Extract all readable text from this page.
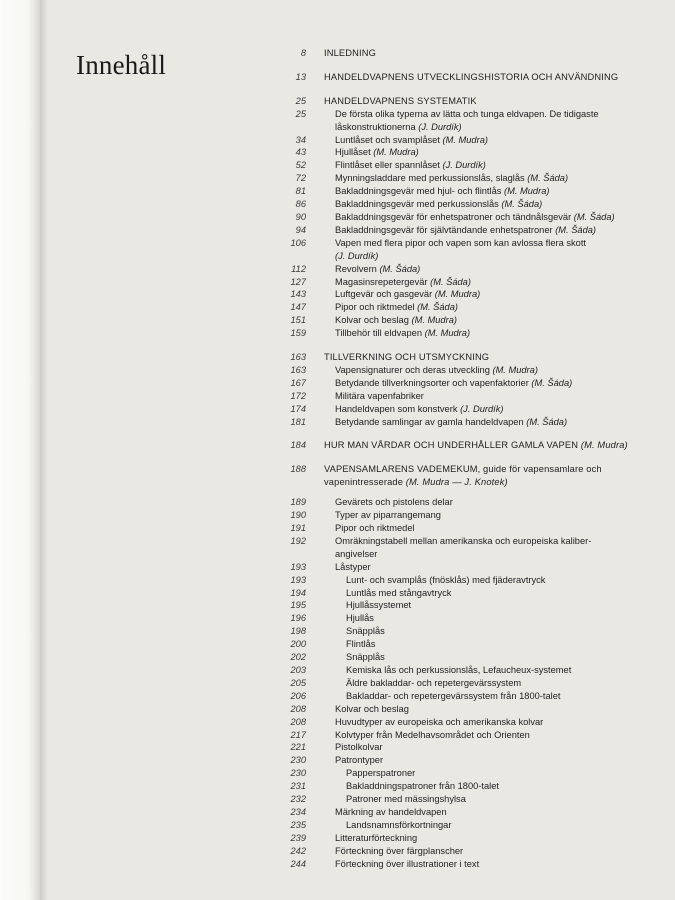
Innehåll	8	INLEDNING
13	HANDELDVAPNENS UTVECKLINGSHISTORIA OCH ANVÄNDNING
25	HANDELDVAPNENS SYSTEMATIK
25	De första olika typerna av lätta och tunga eldvapen. De tidigaste
låskonstruktionerna (J. Durdík)
34	Luntlåset och svamplåset (M. Mudra)
43	Hjullåset (M. Mudra)
52	Flintlåset eller spannlåset (J. Durdík)
72	Mynningsladdare med perkussionslås, slaglås (M. Šáda)
81	Bakladdningsgevär med hjul- och flintlås (M. Mudra)
86	Bakladdningsgevär med perkussionslås (M. Šáda)
90	Bakladdningsgevär för enhetspatroner och tändnålsgevär (M. Šáda)
94	Bakladdningsgevär för självtändande enhetspatroner (M. Šáda)
106	Vapen med flera pipor och vapen som kan avlossa flera skott
(J. Durdík)
112	Revolvern (M. Šáda)
127	Magasinsrepetergevär (M. Šáda)
143	Luftgevär och gasgevär (M. Mudra)
147	Pipor och riktmedel (M. Šáda)
151	Kolvar och beslag (M. Mudra)
159	Tillbehör till eldvapen (M. Mudra)
163	TILLVERKNING OCH UTSMYCKNING
163	Vapensignaturer och deras utveckling (M. Mudra)
167	Betydande tillverkningsorter och vapenfaktorier (M. Šáda)
172	Militära vapenfabriker
174	Handeldvapen som konstverk (J. Durdík)
181	Betydande samlingar av gamla handeldvapen (M. Šáda)
184	HUR MAN VÅRDAR OCH UNDERHÅLLER GAMLA VAPEN (M. Mudra)
188	VAPENSAMLARENS VADEMEKUM, guide för vapensamlare och
vapenintresserade (M. Mudra — J. Knotek)
189	Gevärets och pistolens delar
190	Typer av piparrangemang
191	Pipor och riktmedel
192	Omräkningstabell mellan amerikanska och europeiska kaliber-
angivelser
193	Låstyper
193	Lunt- och svamplås (fnösklås) med fjäderavtryck
194	Luntlås med stångavtryck
195	Hjullåssystemet
196	Hjullås
198	Snäpplås
200	Flintlås
202	Snäpplås
203	Kemiska lås och perkussionslås, Lefaucheux-systemet
205	Äldre bakladdar- och repetergevärssystem
206	Bakladdar- och repetergevärssystem från 1800-talet
208	Kolvar och beslag
208	Huvudtyper av europeiska och amerikanska kolvar
217	Kolvtyper från Medelhavsområdet och Orienten
221	Pistolkolvar
230	Patrontyper
230	Papperspatroner
231	Bakladdningspatroner från 1800-talet
232	Patroner med mässingshylsa
234	Märkning av handeldvapen
235	Landsnamnsförkortningar
239	Litteraturförteckning
242	Förteckning över färgplanscher
244	Förteckning över illustrationer i text
